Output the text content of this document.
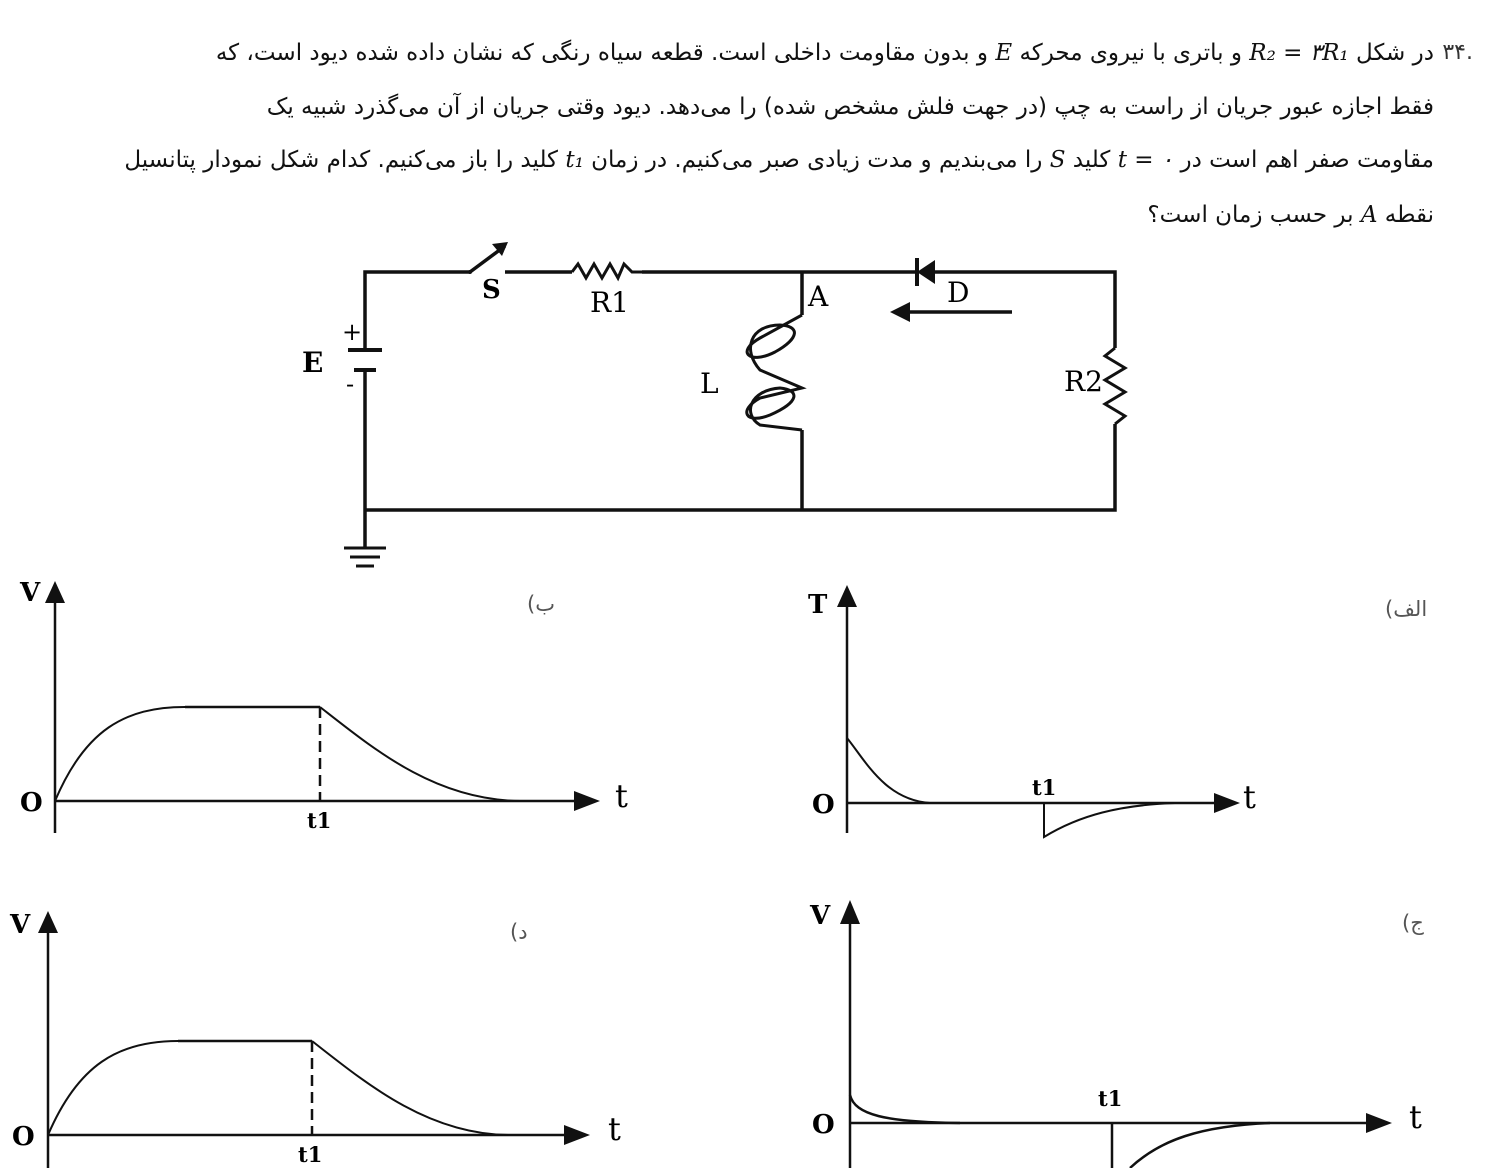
۳۴.
در شکل R₂ = ۳R₁ و باتری با نیروی محرکه E و بدون مقاومت داخلی است. قطعه سیاه رنگی که نشان داده شده دیود است، که
فقط اجازه عبور جریان از راست به چپ (در جهت فلش مشخص شده) را می‌دهد. دیود وقتی جریان از آن می‌گذرد شبیه یک
مقاومت صفر اهم است در t = ۰ کلید S را می‌بندیم و مدت زیادی صبر می‌کنیم. در زمان t₁ کلید را باز می‌کنیم. کدام شکل نمودار پتانسیل
نقطه A بر حسب زمان است؟
E
+
-
S	R1	A	D
L	R2
الف)
ب)
ج)
د)
T
O	t
t1
V
O	t
t1
V
O	t
t1
V
O	t
t1
